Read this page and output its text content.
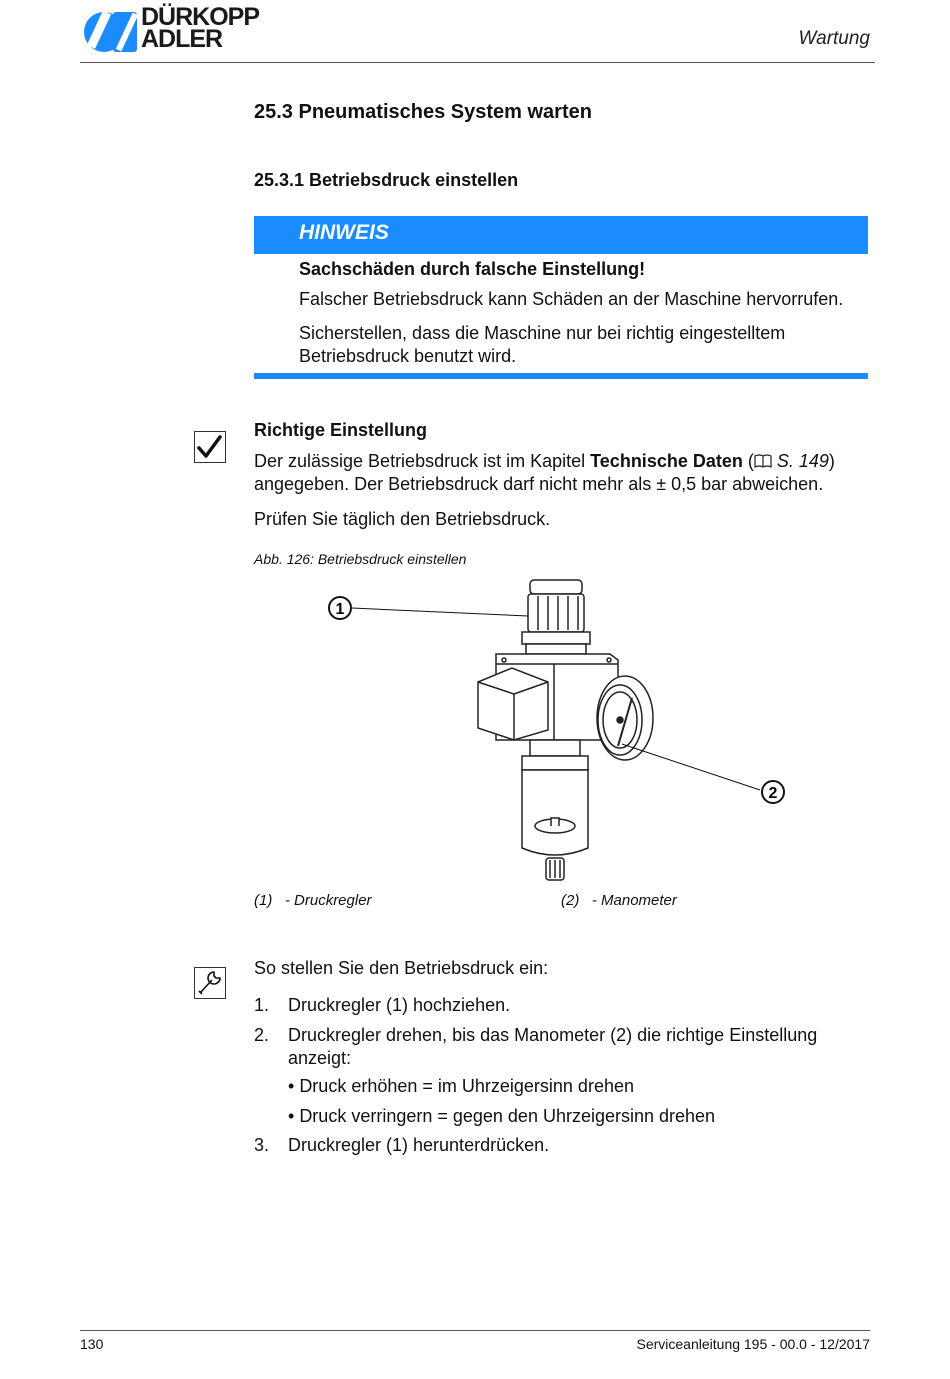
DÜRKOPP
ADLER	Wartung
25.3 Pneumatisches System warten
25.3.1 Betriebsdruck einstellen
HINWEIS
Sachschäden durch falsche Einstellung!
Falscher Betriebsdruck kann Schäden an der Maschine hervorrufen.
Sicherstellen, dass die Maschine nur bei richtig eingestelltem Betriebsdruck benutzt wird.
Richtige Einstellung
Der zulässige Betriebsdruck ist im Kapitel Technische Daten ( S. 149) angegeben. Der Betriebsdruck darf nicht mehr als ± 0,5 bar abweichen.
Prüfen Sie täglich den Betriebsdruck.
Abb. 126: Betriebsdruck einstellen
1
2
(1) - Druckregler	(2) - Manometer
So stellen Sie den Betriebsdruck ein:
1. Druckregler (1) hochziehen.
2. Druckregler drehen, bis das Manometer (2) die richtige Einstellung anzeigt:
• Druck erhöhen = im Uhrzeigersinn drehen
• Druck verringern = gegen den Uhrzeigersinn drehen
3. Druckregler (1) herunterdrücken.
130	Serviceanleitung 195 - 00.0 - 12/2017
